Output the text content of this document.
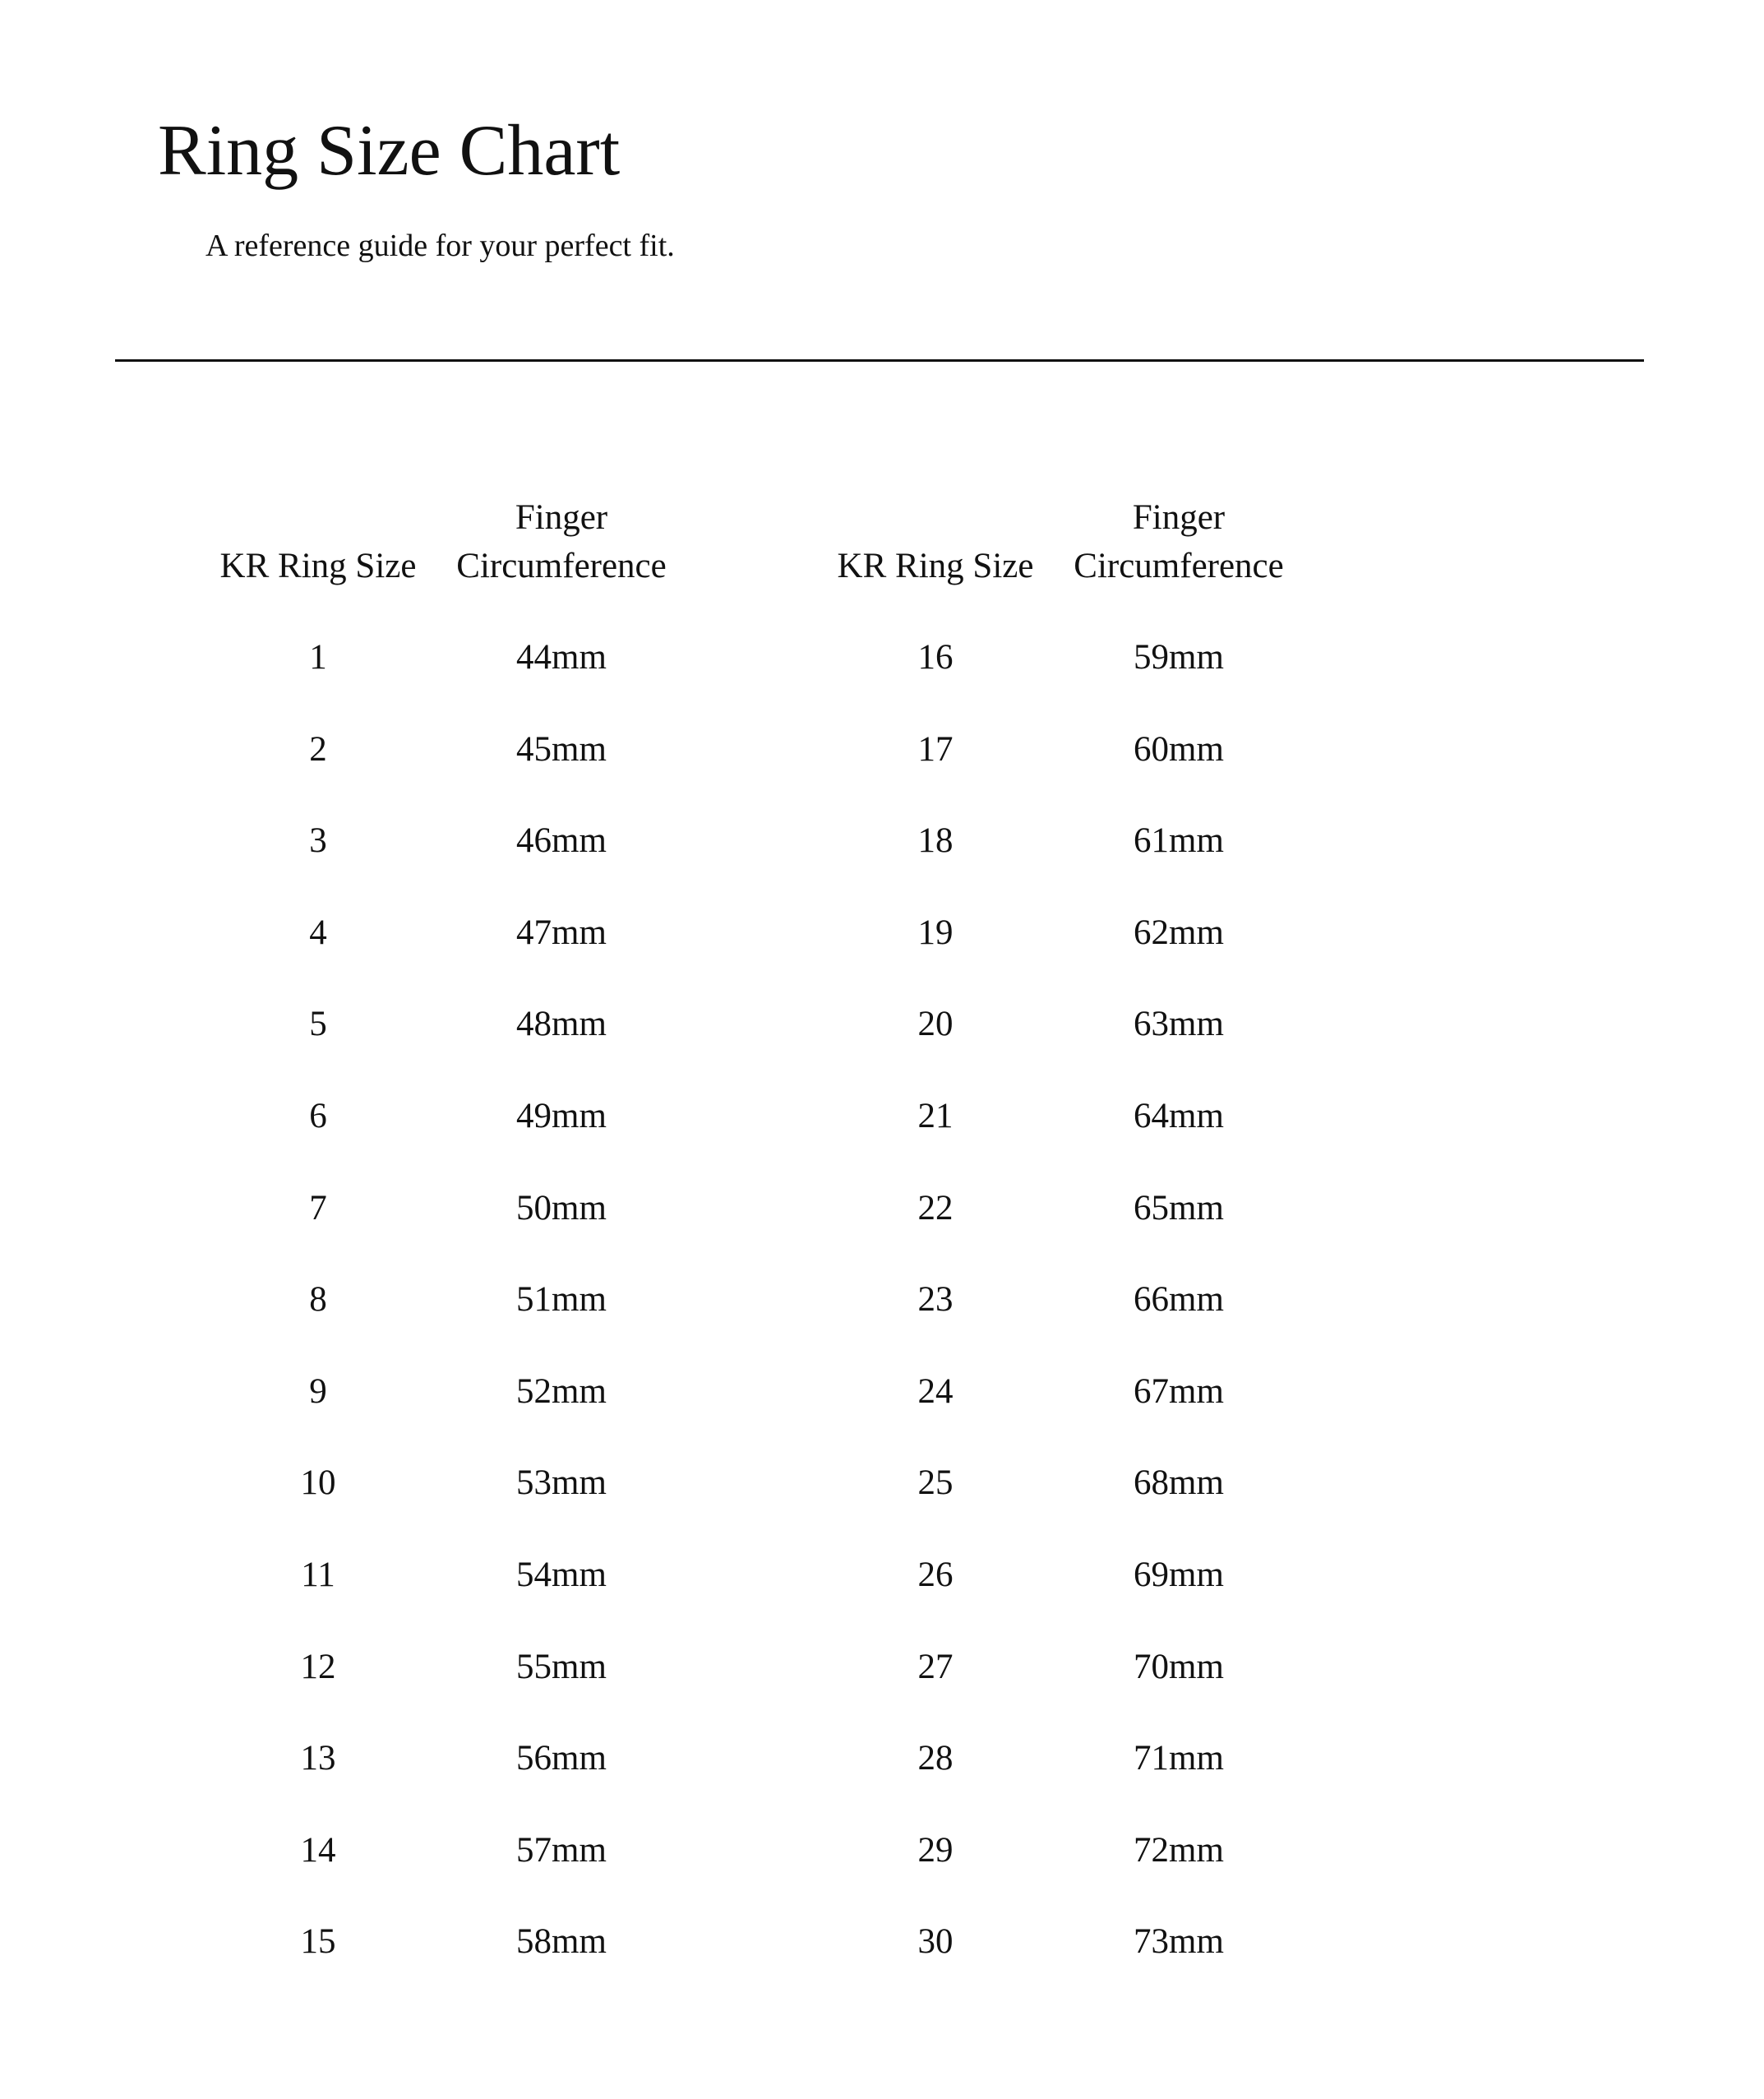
Ring Size Chart

A reference guide for your perfect fit.

KR Ring Size
Finger
Circumference
1	44mm
2	45mm
3	46mm
4	47mm
5	48mm
6	49mm
7	50mm
8	51mm
9	52mm
10	53mm
11	54mm
12	55mm
13	56mm
14	57mm
15	58mm
KR Ring Size
Finger
Circumference
16	59mm
17	60mm
18	61mm
19	62mm
20	63mm
21	64mm
22	65mm
23	66mm
24	67mm
25	68mm
26	69mm
27	70mm
28	71mm
29	72mm
30	73mm
